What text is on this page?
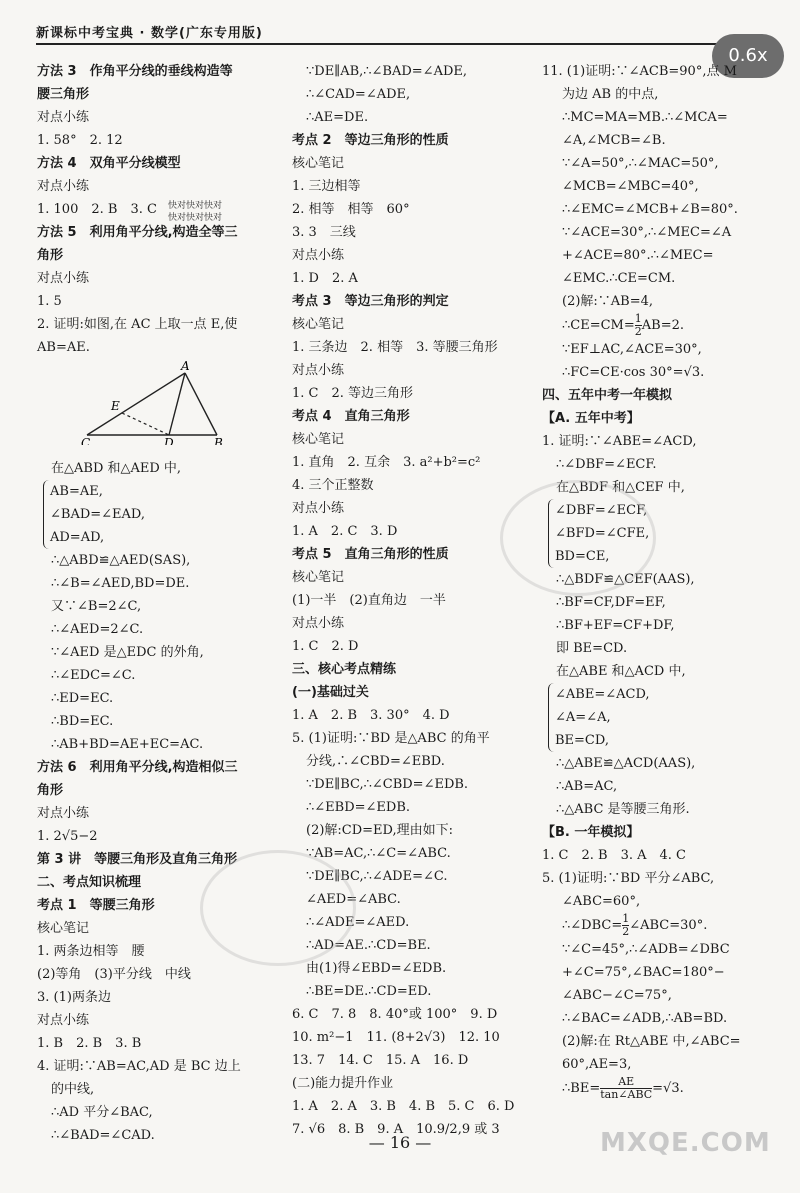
新课标中考宝典 · 数学(广东专用版)
0.6x

方法 3　作角平分线的垂线构造等

腰三角形

对点小练

1. 58°　2. 12

方法 4　双角平分线模型

对点小练

1. 100　2. B　3. C

方法 5　利用角平分线,构造全等三

角形

对点小练

1. 5

2. 证明:如图,在 AC 上取一点 E,使

AB=AE.

A
B
C	D
E

在△ABD 和△AED 中,

AB=AE,

∠BAD=∠EAD,

AD=AD,

∴△ABD≌△AED(SAS),

∴∠B=∠AED,BD=DE.

又∵∠B=2∠C,

∴∠AED=2∠C.

∵∠AED 是△EDC 的外角,

∴∠EDC=∠C.

∴ED=EC.

∴BD=EC.

∴AB+BD=AE+EC=AC.

方法 6　利用角平分线,构造相似三

角形

对点小练

1. 2√5−2

第 3 讲　等腰三角形及直角三角形

二、考点知识梳理

考点 1　等腰三角形

核心笔记

1. 两条边相等　腰

(2)等角　(3)平分线　中线

3. (1)两条边

对点小练

1. B　2. B　3. B

4. 证明:∵AB=AC,AD 是 BC 边上

的中线,

∴AD 平分∠BAC,

∴∠BAD=∠CAD.

快对快对快对
快对快对快对

∵DE∥AB,∴∠BAD=∠ADE,

∴∠CAD=∠ADE,

∴AE=DE.

考点 2　等边三角形的性质

核心笔记

1. 三边相等

2. 相等　相等　60°

3. 3　三线

对点小练

1. D　2. A

考点 3　等边三角形的判定

核心笔记

1. 三条边　2. 相等　3. 等腰三角形

对点小练

1. C　2. 等边三角形

考点 4　直角三角形

核心笔记

1. 直角　2. 互余　3. a²+b²=c²

4. 三个正整数

对点小练

1. A　2. C　3. D

考点 5　直角三角形的性质

核心笔记

(1)一半　(2)直角边　一半

对点小练

1. C　2. D

三、核心考点精练

(一)基础过关

1. A　2. B　3. 30°　4. D

5. (1)证明:∵BD 是△ABC 的角平

分线,∴∠CBD=∠EBD.

∵DE∥BC,∴∠CBD=∠EDB.

∴∠EBD=∠EDB.

(2)解:CD=ED,理由如下:

∵AB=AC,∴∠C=∠ABC.

∵DE∥BC,∴∠ADE=∠C.

∠AED=∠ABC.

∴∠ADE=∠AED.

∴AD=AE.∴CD=BE.

由(1)得∠EBD=∠EDB.

∴BE=DE.∴CD=ED.

6. C　7. 8　8. 40°或 100°　9. D

10. m²−1　11. (8+2√3)　12. 10

13. 7　14. C　15. A　16. D

(二)能力提升作业

1. A　2. A　3. B　4. B　5. C　6. D

7. √6　8. B　9. A　10.9/2,9 或 3

11. (1)证明:∵∠ACB=90°,点 M

为边 AB 的中点,

∴MC=MA=MB.∴∠MCA=

∠A,∠MCB=∠B.

∵∠A=50°,∴∠MAC=50°,

∠MCB=∠MBC=40°,

∴∠EMC=∠MCB+∠B=80°.

∵∠ACE=30°,∴∠MEC=∠A

+∠ACE=80°.∴∠MEC=

∠EMC.∴CE=CM.

(2)解:∵AB=4,

∴CE=CM= $\frac{1}{2} AB=2$.

∵EF⊥AC,∠ACE=30°,

∴FC=CE·cos 30°=√3.

四、五年中考一年模拟

【A. 五年中考】

1. 证明:∵∠ABE=∠ACD,

∴∠DBF=∠ECF.

在△BDF 和△CEF 中,

∠DBF=∠ECF,

∠BFD=∠CFE,

BD=CE,

∴△BDF≌△CEF(AAS),

∴BF=CF,DF=EF,

∴BF+EF=CF+DF,

即 BE=CD.

在△ABE 和△ACD 中,

∠ABE=∠ACD,

∠A=∠A,

BE=CD,

∴△ABE≌△ACD(AAS),

∴AB=AC,

∴△ABC 是等腰三角形.

【B. 一年模拟】

1. C　2. B　3. A　4. C

5. (1)证明:∵BD 平分∠ABC,

∠ABC=60°,

∴∠DBC= $\frac{1}{2}$ ∠ABC=30°.

∵∠C=45°,∴∠ADB=∠DBC

+∠C=75°,∠BAC=180°−

∠ABC−∠C=75°,

∴∠BAC=∠ADB,∴AB=BD.

(2)解:在 Rt△ABE 中,∠ABC=

60°,AE=3,

∴BE= $\frac{AE}{\text{tan∠ABC}} =√3$.

— 16 —	MXQE.COM
